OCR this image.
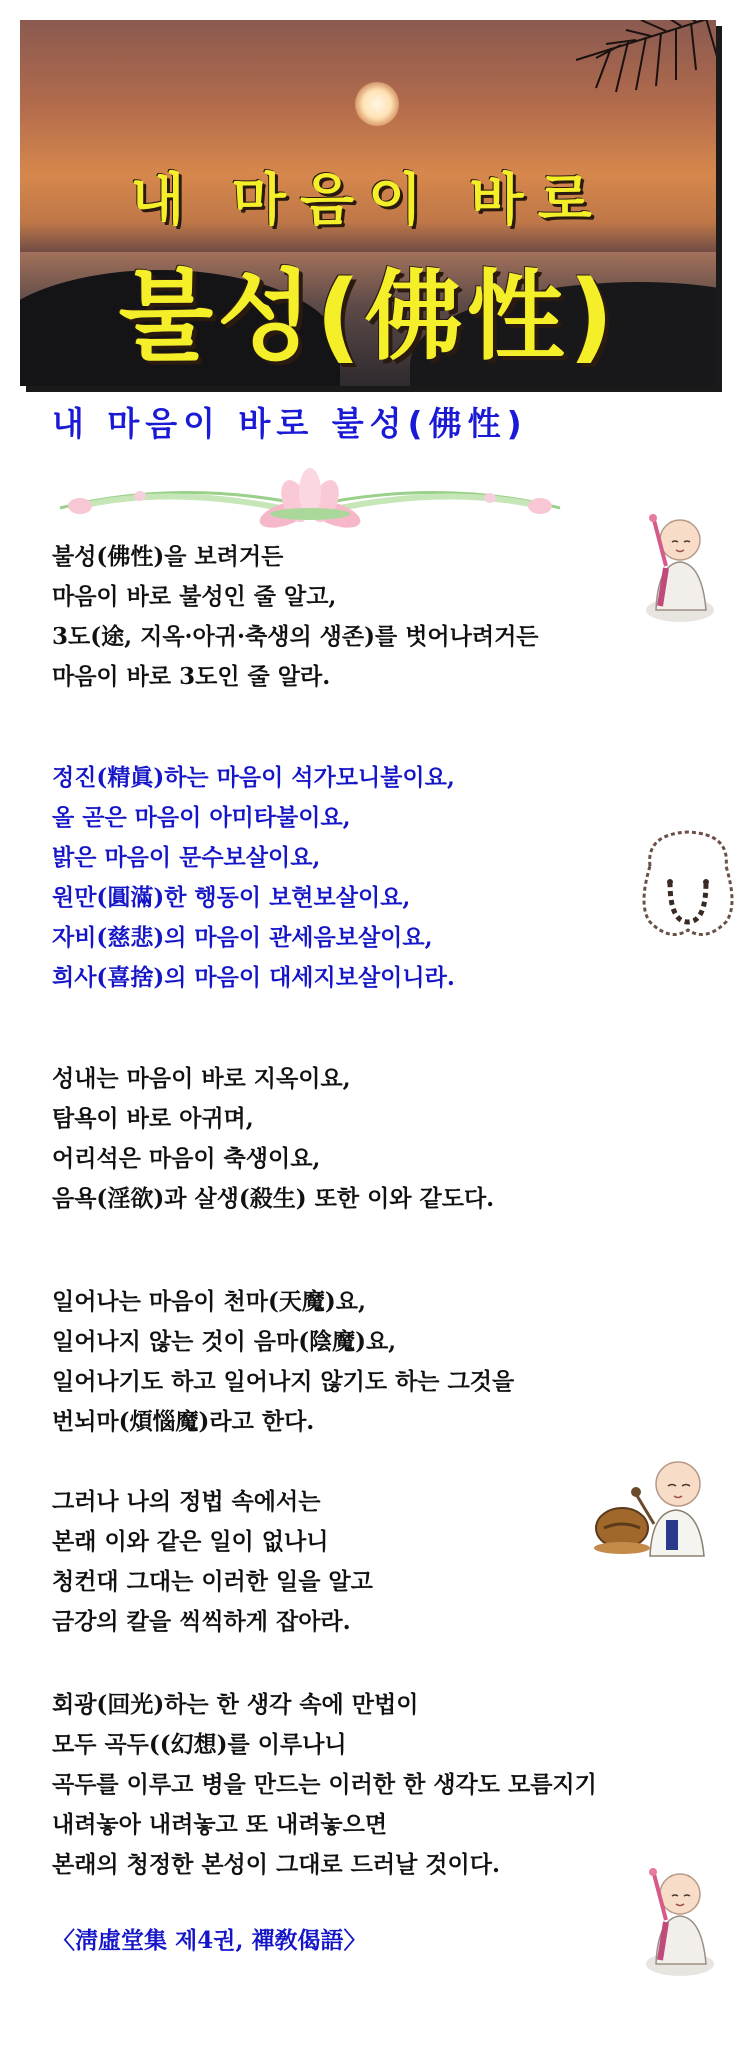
내 마음이 바로
불성(佛性)
내 마음이 바로 불성(佛性)
불성(佛性)을 보려거든
마음이 바로 불성인 줄 알고,
3도(途, 지옥·아귀·축생의 생존)를 벗어나려거든
마음이 바로 3도인 줄 알라.
정진(精眞)하는 마음이 석가모니불이요,
올 곧은 마음이 아미타불이요,
밝은 마음이 문수보살이요,
원만(圓滿)한 행동이 보현보살이요,
자비(慈悲)의 마음이 관세음보살이요,
희사(喜捨)의 마음이 대세지보살이니라.
성내는 마음이 바로 지옥이요,
탐욕이 바로 아귀며,
어리석은 마음이 축생이요,
음욕(淫欲)과 살생(殺生) 또한 이와 같도다.
일어나는 마음이 천마(天魔)요,
일어나지 않는 것이 음마(陰魔)요,
일어나기도 하고 일어나지 않기도 하는 그것을
번뇌마(煩惱魔)라고 한다.
그러나 나의 정법 속에서는
본래 이와 같은 일이 없나니
청컨대 그대는 이러한 일을 알고
금강의 칼을 씩씩하게 잡아라.
회광(回光)하는 한 생각 속에 만법이
모두 곡두((幻想)를 이루나니
곡두를 이루고 병을 만드는 이러한 한 생각도 모름지기
내려놓아 내려놓고 또 내려놓으면
본래의 청정한 본성이 그대로 드러날 것이다.
〈淸虛堂集 제4권, 禪敎偈語〉
